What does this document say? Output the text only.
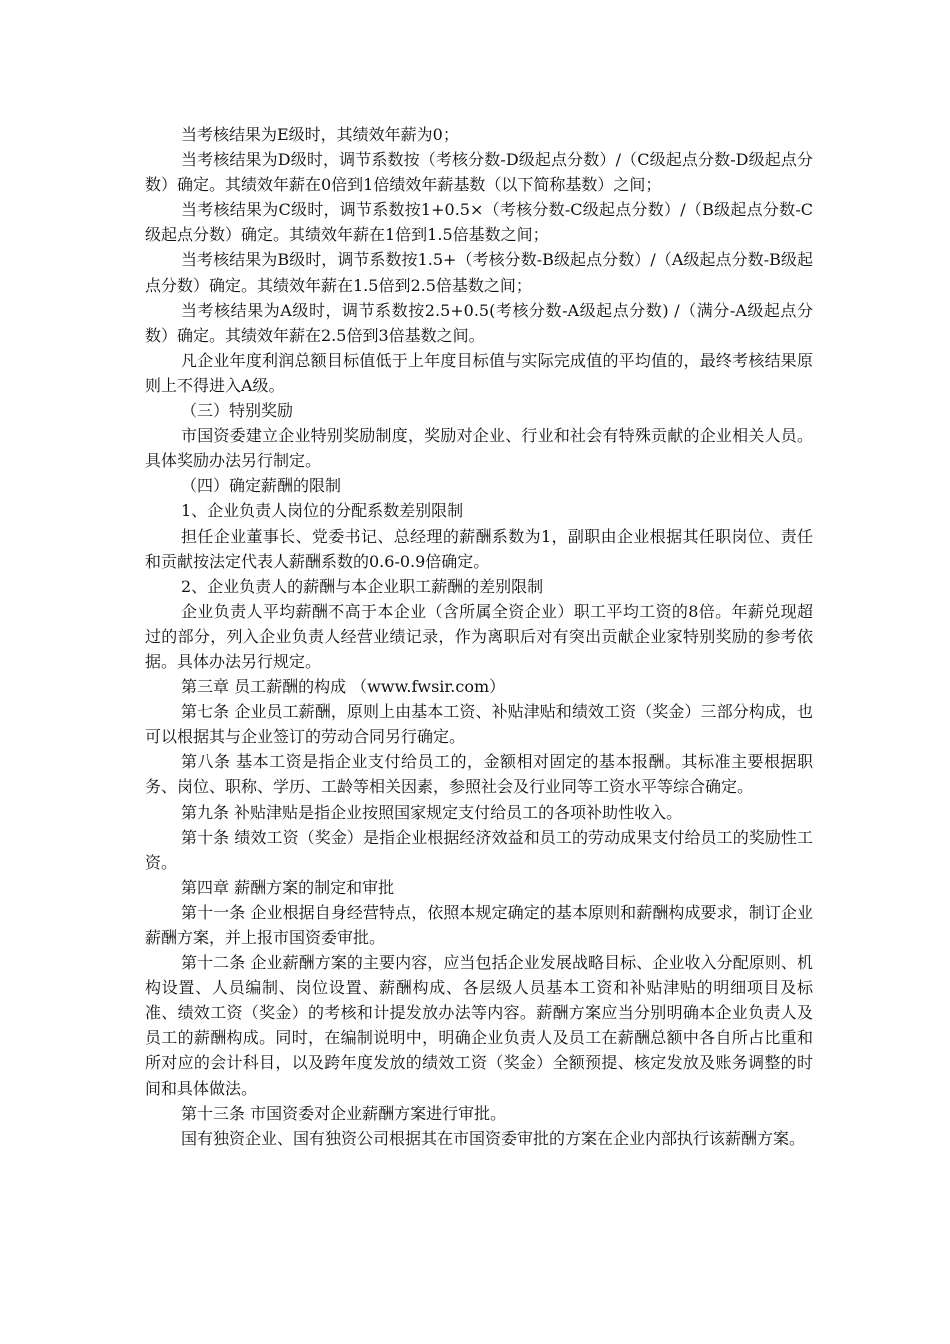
当考核结果为E级时，其绩效年薪为0；

当考核结果为D级时，调节系数按（考核分数-D级起点分数）/（C级起点分数-D级起点分数）确定。其绩效年薪在0倍到1倍绩效年薪基数（以下简称基数）之间；

当考核结果为C级时，调节系数按1+0.5×（考核分数-C级起点分数）/（B级起点分数-C级起点分数）确定。其绩效年薪在1倍到1.5倍基数之间；

当考核结果为B级时，调节系数按1.5+（考核分数-B级起点分数）/（A级起点分数-B级起点分数）确定。其绩效年薪在1.5倍到2.5倍基数之间；

当考核结果为A级时，调节系数按2.5+0.5(考核分数-A级起点分数) /（满分-A级起点分数）确定。其绩效年薪在2.5倍到3倍基数之间。

凡企业年度利润总额目标值低于上年度目标值与实际完成值的平均值的，最终考核结果原则上不得进入A级。

（三）特别奖励

市国资委建立企业特别奖励制度，奖励对企业、行业和社会有特殊贡献的企业相关人员。具体奖励办法另行制定。

（四）确定薪酬的限制

1、企业负责人岗位的分配系数差别限制

担任企业董事长、党委书记、总经理的薪酬系数为1，副职由企业根据其任职岗位、责任和贡献按法定代表人薪酬系数的0.6-0.9倍确定。

2、企业负责人的薪酬与本企业职工薪酬的差别限制

企业负责人平均薪酬不高于本企业（含所属全资企业）职工平均工资的8倍。年薪兑现超过的部分，列入企业负责人经营业绩记录，作为离职后对有突出贡献企业家特别奖励的参考依据。具体办法另行规定。

第三章 员工薪酬的构成 （www.fwsir.com）

第七条 企业员工薪酬，原则上由基本工资、补贴津贴和绩效工资（奖金）三部分构成，也可以根据其与企业签订的劳动合同另行确定。

第八条 基本工资是指企业支付给员工的，金额相对固定的基本报酬。其标准主要根据职务、岗位、职称、学历、工龄等相关因素，参照社会及行业同等工资水平等综合确定。

第九条 补贴津贴是指企业按照国家规定支付给员工的各项补助性收入。

第十条 绩效工资（奖金）是指企业根据经济效益和员工的劳动成果支付给员工的奖励性工资。

第四章 薪酬方案的制定和审批

第十一条 企业根据自身经营特点，依照本规定确定的基本原则和薪酬构成要求，制订企业薪酬方案，并上报市国资委审批。

第十二条 企业薪酬方案的主要内容，应当包括企业发展战略目标、企业收入分配原则、机构设置、人员编制、岗位设置、薪酬构成、各层级人员基本工资和补贴津贴的明细项目及标准、绩效工资（奖金）的考核和计提发放办法等内容。薪酬方案应当分别明确本企业负责人及员工的薪酬构成。同时，在编制说明中，明确企业负责人及员工在薪酬总额中各自所占比重和所对应的会计科目，以及跨年度发放的绩效工资（奖金）全额预提、核定发放及账务调整的时间和具体做法。

第十三条 市国资委对企业薪酬方案进行审批。

国有独资企业、国有独资公司根据其在市国资委审批的方案在企业内部执行该薪酬方案。
